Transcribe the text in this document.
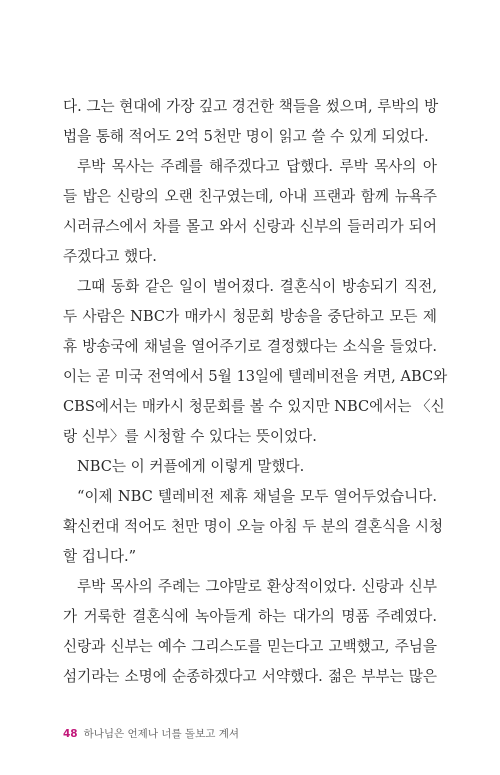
다. 그는 현대에 가장 깊고 경건한 책들을 썼으며, 루박의 방
법을 통해 적어도 2억 5천만 명이 읽고 쓸 수 있게 되었다.
루박 목사는 주례를 해주겠다고 답했다. 루박 목사의 아
들 밥은 신랑의 오랜 친구였는데, 아내 프랜과 함께 뉴욕주
시러큐스에서 차를 몰고 와서 신랑과 신부의 들러리가 되어
주겠다고 했다.
그때 동화 같은 일이 벌어졌다. 결혼식이 방송되기 직전,
두 사람은 NBC가 매카시 청문회 방송을 중단하고 모든 제
휴 방송국에 채널을 열어주기로 결정했다는 소식을 들었다.
이는 곧 미국 전역에서 5월 13일에 텔레비전을 켜면, ABC와
CBS에서는 매카시 청문회를 볼 수 있지만 NBC에서는 〈신
랑 신부〉를 시청할 수 있다는 뜻이었다.
NBC는 이 커플에게 이렇게 말했다.
“이제 NBC 텔레비전 제휴 채널을 모두 열어두었습니다.
확신컨대 적어도 천만 명이 오늘 아침 두 분의 결혼식을 시청
할 겁니다.”
루박 목사의 주례는 그야말로 환상적이었다. 신랑과 신부
가 거룩한 결혼식에 녹아들게 하는 대가의 명품 주례였다.
신랑과 신부는 예수 그리스도를 믿는다고 고백했고, 주님을
섬기라는 소명에 순종하겠다고 서약했다. 젊은 부부는 많은
48 하나님은 언제나 너를 돌보고 계셔
